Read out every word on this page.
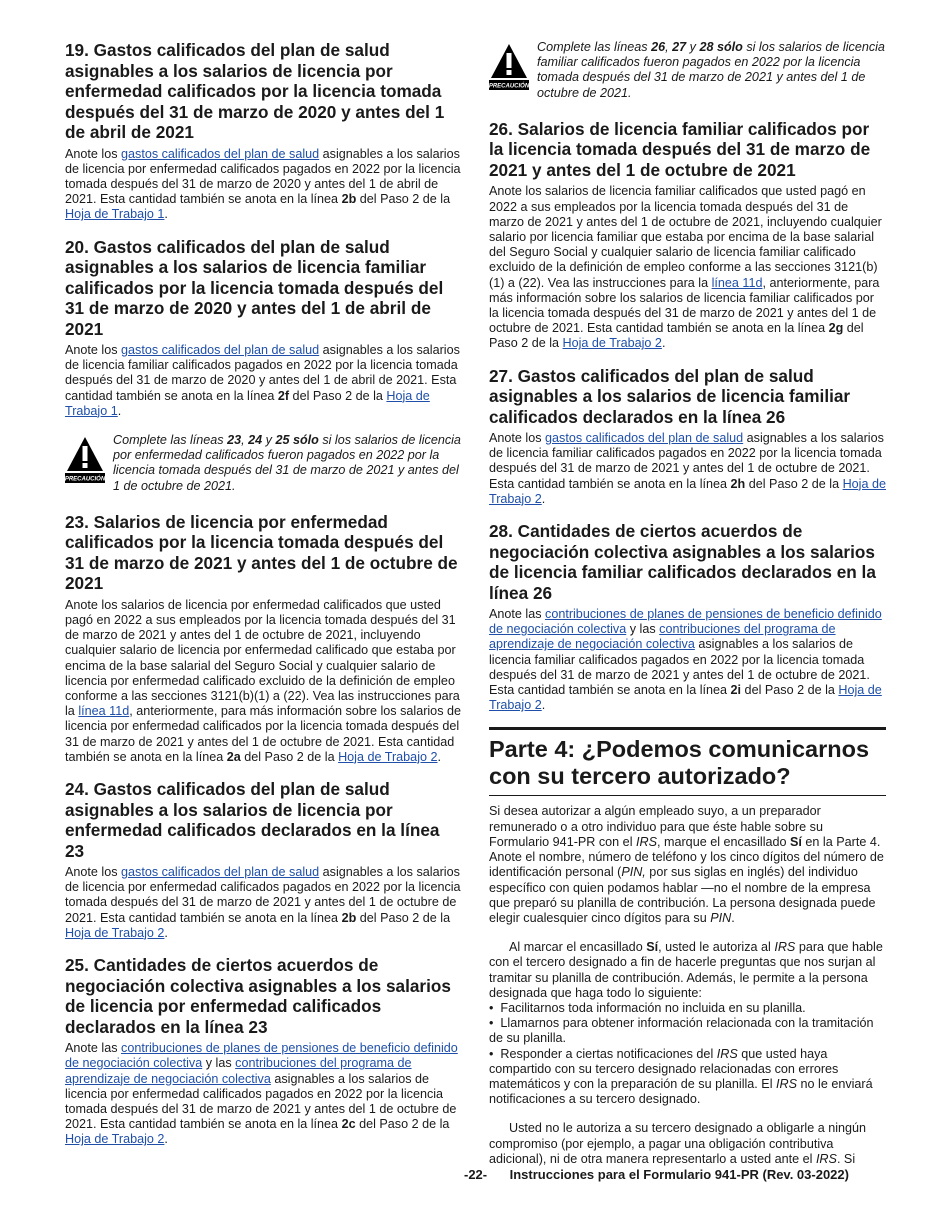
19. Gastos calificados del plan de salud asignables a los salarios de licencia por enfermedad calificados por la licencia tomada después del 31 de marzo de 2020 y antes del 1 de abril de 2021

Anote los gastos calificados del plan de salud asignables a los salarios de licencia por enfermedad calificados pagados en 2022 por la licencia tomada después del 31 de marzo de 2020 y antes del 1 de abril de 2021. Esta cantidad también se anota en la línea 2b del Paso 2 de la Hoja de Trabajo 1.

20. Gastos calificados del plan de salud asignables a los salarios de licencia familiar calificados por la licencia tomada después del 31 de marzo de 2020 y antes del 1 de abril de 2021

Anote los gastos calificados del plan de salud asignables a los salarios de licencia familiar calificados pagados en 2022 por la licencia tomada después del 31 de marzo de 2020 y antes del 1 de abril de 2021. Esta cantidad también se anota en la línea 2f del Paso 2 de la Hoja de Trabajo 1.

PRECAUCIÓN
Complete las líneas 23, 24 y 25 sólo si los salarios de licencia por enfermedad calificados fueron pagados en 2022 por la licencia tomada después del 31 de marzo de 2021 y antes del 1 de octubre de 2021.
23. Salarios de licencia por enfermedad calificados por la licencia tomada después del 31 de marzo de 2021 y antes del 1 de octubre de 2021

Anote los salarios de licencia por enfermedad calificados que usted pagó en 2022 a sus empleados por la licencia tomada después del 31 de marzo de 2021 y antes del 1 de octubre de 2021, incluyendo cualquier salario de licencia por enfermedad calificado que estaba por encima de la base salarial del Seguro Social y cualquier salario de licencia por enfermedad calificado excluido de la definición de empleo conforme a las secciones 3121(b)(1) a (22). Vea las instrucciones para la línea 11d, anteriormente, para más información sobre los salarios de licencia por enfermedad calificados por la licencia tomada después del 31 de marzo de 2021 y antes del 1 de octubre de 2021. Esta cantidad también se anota en la línea 2a del Paso 2 de la Hoja de Trabajo 2.

24. Gastos calificados del plan de salud asignables a los salarios de licencia por enfermedad calificados declarados en la línea 23

Anote los gastos calificados del plan de salud asignables a los salarios de licencia por enfermedad calificados pagados en 2022 por la licencia tomada después del 31 de marzo de 2021 y antes del 1 de octubre de 2021. Esta cantidad también se anota en la línea 2b del Paso 2 de la Hoja de Trabajo 2.

25. Cantidades de ciertos acuerdos de negociación colectiva asignables a los salarios de licencia por enfermedad calificados declarados en la línea 23

Anote las contribuciones de planes de pensiones de beneficio definido de negociación colectiva y las contribuciones del programa de aprendizaje de negociación colectiva asignables a los salarios de licencia por enfermedad calificados pagados en 2022 por la licencia tomada después del 31 de marzo de 2021 y antes del 1 de octubre de 2021. Esta cantidad también se anota en la línea 2c del Paso 2 de la Hoja de Trabajo 2.

PRECAUCIÓN
Complete las líneas 26, 27 y 28 sólo si los salarios de licencia familiar calificados fueron pagados en 2022 por la licencia tomada después del 31 de marzo de 2021 y antes del 1 de octubre de 2021.
26. Salarios de licencia familiar calificados por la licencia tomada después del 31 de marzo de 2021 y antes del 1 de octubre de 2021

Anote los salarios de licencia familiar calificados que usted pagó en 2022 a sus empleados por la licencia tomada después del 31 de marzo de 2021 y antes del 1 de octubre de 2021, incluyendo cualquier salario por licencia familiar que estaba por encima de la base salarial del Seguro Social y cualquier salario de licencia familiar calificado excluido de la definición de empleo conforme a las secciones 3121(b)(1) a (22). Vea las instrucciones para la línea 11d, anteriormente, para más información sobre los salarios de licencia familiar calificados por la licencia tomada después del 31 de marzo de 2021 y antes del 1 de octubre de 2021. Esta cantidad también se anota en la línea 2g del Paso 2 de la Hoja de Trabajo 2.

27. Gastos calificados del plan de salud asignables a los salarios de licencia familiar calificados declarados en la línea 26

Anote los gastos calificados del plan de salud asignables a los salarios de licencia familiar calificados pagados en 2022 por la licencia tomada después del 31 de marzo de 2021 y antes del 1 de octubre de 2021. Esta cantidad también se anota en la línea 2h del Paso 2 de la Hoja de Trabajo 2.

28. Cantidades de ciertos acuerdos de negociación colectiva asignables a los salarios de licencia familiar calificados declarados en la línea 26

Anote las contribuciones de planes de pensiones de beneficio definido de negociación colectiva y las contribuciones del programa de aprendizaje de negociación colectiva asignables a los salarios de licencia familiar calificados pagados en 2022 por la licencia tomada después del 31 de marzo de 2021 y antes del 1 de octubre de 2021. Esta cantidad también se anota en la línea 2i del Paso 2 de la Hoja de Trabajo 2.

Parte 4: ¿Podemos comunicarnos con su tercero autorizado?

Si desea autorizar a algún empleado suyo, a un preparador remunerado o a otro individuo para que éste hable sobre su Formulario 941-PR con el IRS, marque el encasillado Sí en la Parte 4. Anote el nombre, número de teléfono y los cinco dígitos del número de identificación personal (PIN, por sus siglas en inglés) del individuo específico con quien podamos hablar —no el nombre de la empresa que preparó su planilla de contribución. La persona designada puede elegir cualesquier cinco dígitos para su PIN.

Al marcar el encasillado Sí, usted le autoriza al IRS para que hable con el tercero designado a fin de hacerle preguntas que nos surjan al tramitar su planilla de contribución. Además, le permite a la persona designada que haga todo lo siguiente:

•  Facilitarnos toda información no incluida en su planilla.
•  Llamarnos para obtener información relacionada con la tramitación de su planilla.
•  Responder a ciertas notificaciones del IRS que usted haya compartido con su tercero designado relacionadas con errores matemáticos y con la preparación de su planilla. El IRS no le enviará notificaciones a su tercero designado.

Usted no le autoriza a su tercero designado a obligarle a ningún compromiso (por ejemplo, a pagar una obligación contributiva adicional), ni de otra manera representarlo a usted ante el IRS. Si

-22- Instrucciones para el Formulario 941-PR (Rev. 03-2022)
